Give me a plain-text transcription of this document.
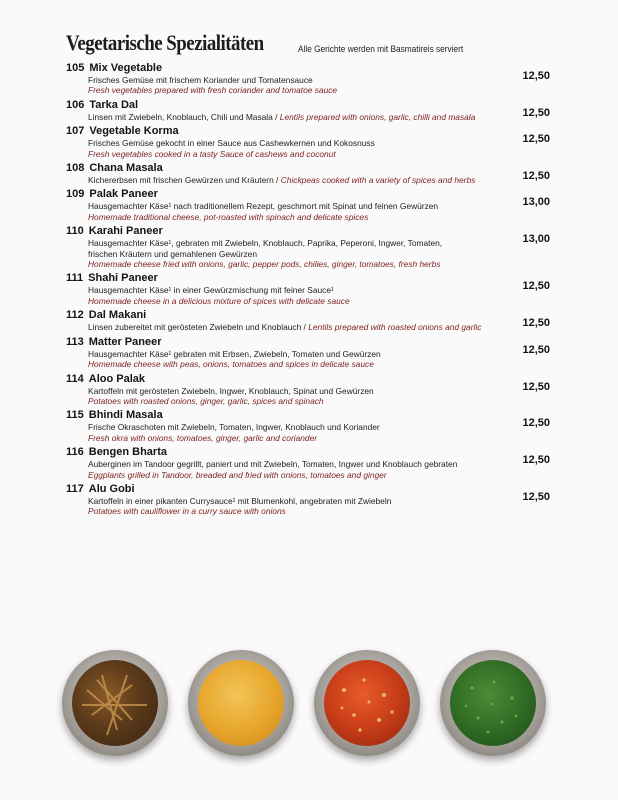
Vegetarische Spezialitäten	Alle Gerichte werden mit Basmatireis serviert
12,50
105 Mix Vegetable
Frisches Gemüse mit frischem Koriander und Tomatensauce
Fresh vegetables prepared with fresh coriander and tomatoe sauce
12,50
106 Tarka Dal
Linsen mit Zwiebeln, Knoblauch, Chili und Masala / Lentils prepared with onions, garlic, chilli and masala
12,50
107 Vegetable Korma
Frisches Gemüse gekocht in einer Sauce aus Cashewkernen und Kokosnuss
Fresh vegetables cooked in a tasty Sauce of cashews and coconut
12,50
108 Chana Masala
Kichererbsen mit frischen Gewürzen und Kräutern / Chickpeas cooked with a variety of spices and herbs
13,00
109 Palak Paneer
Hausgemachter Käse¹ nach traditionellem Rezept, geschmort mit Spinat und feinen Gewürzen
Homemade traditional cheese, pot-roasted with spinach and delicate spices
13,00
110 Karahi Paneer
Hausgemachter Käse¹, gebraten mit Zwiebeln, Knoblauch, Paprika, Peperoni, Ingwer, Tomaten,
frischen Kräutern und gemahlenen Gewürzen
Homemade cheese fried with onions, garlic, pepper pods, chilies, ginger, tomatoes, fresh herbs
12,50
111 Shahi Paneer
Hausgemachter Käse¹ in einer Gewürzmischung mit feiner Sauce¹
Homemade cheese in a delicious mixture of spices with delicate sauce
12,50
112 Dal Makani
Linsen zubereitet mit gerösteten Zwiebeln und Knoblauch / Lentils prepared with roasted onions and garlic
12,50
113 Matter Paneer
Hausgemachter Käse¹ gebraten mit Erbsen, Zwiebeln, Tomaten und Gewürzen
Homemade cheese with peas, onions, tomatoes and spices in delicate sauce
12,50
114 Aloo Palak
Kartoffeln mit gerösteten Zwiebeln, Ingwer, Knoblauch, Spinat und Gewürzen
Potatoes with roasted onions, ginger, garlic, spices and spinach
12,50
115 Bhindi Masala
Frische Okraschoten mit Zwiebeln, Tomaten, Ingwer, Knoblauch und Koriander
Fresh okra with onions, tomatoes, ginger, garlic and coriander
12,50
116 Bengen Bharta
Auberginen im Tandoor gegrillt, paniert und mit Zwiebeln, Tomaten, Ingwer und Knoblauch gebraten
Eggplants grilled in Tandoor, breaded and fried with onions, tomatoes and ginger
12,50
117 Alu Gobi
Kartoffeln in einer pikanten Currysauce¹ mit Blumenkohl, angebraten mit Zwiebeln
Potatoes with cauliflower in a curry sauce with onions
